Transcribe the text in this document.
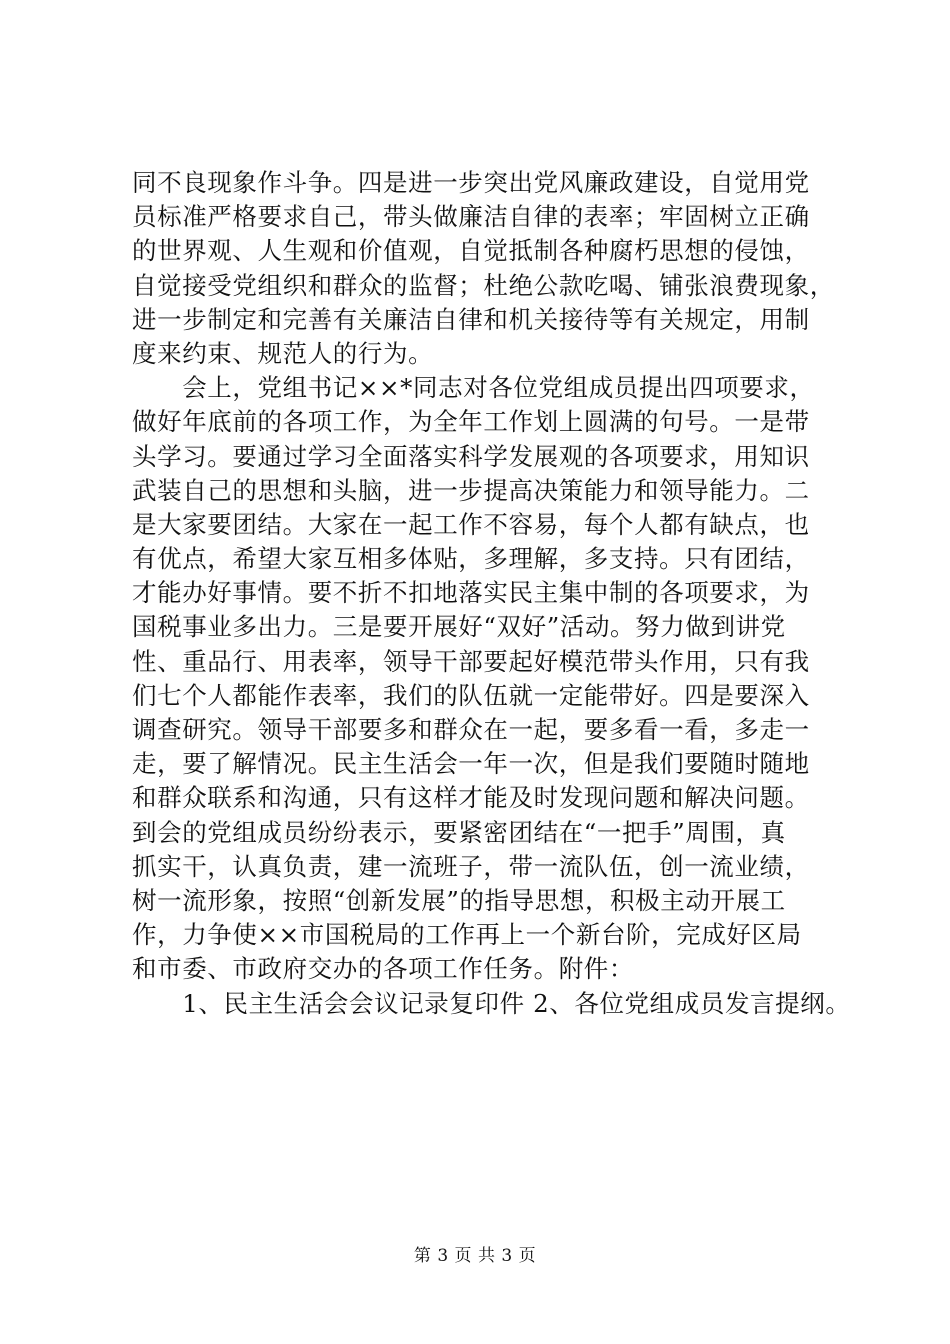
同不良现象作斗争。四是进一步突出党风廉政建设，自觉用党
员标准严格要求自己，带头做廉洁自律的表率；牢固树立正确
的世界观、人生观和价值观，自觉抵制各种腐朽思想的侵蚀，
自觉接受党组织和群众的监督；杜绝公款吃喝、铺张浪费现象，
进一步制定和完善有关廉洁自律和机关接待等有关规定，用制
度来约束、规范人的行为。
　　会上，党组书记××*同志对各位党组成员提出四项要求，
做好年底前的各项工作，为全年工作划上圆满的句号。一是带
头学习。要通过学习全面落实科学发展观的各项要求，用知识
武装自己的思想和头脑，进一步提高决策能力和领导能力。二
是大家要团结。大家在一起工作不容易，每个人都有缺点，也
有优点，希望大家互相多体贴，多理解，多支持。只有团结，
才能办好事情。要不折不扣地落实民主集中制的各项要求，为
国税事业多出力。三是要开展好“双好”活动。努力做到讲党
性、重品行、用表率，领导干部要起好模范带头作用，只有我
们七个人都能作表率，我们的队伍就一定能带好。四是要深入
调查研究。领导干部要多和群众在一起，要多看一看，多走一
走，要了解情况。民主生活会一年一次，但是我们要随时随地
和群众联系和沟通，只有这样才能及时发现问题和解决问题。
到会的党组成员纷纷表示，要紧密团结在“一把手”周围，真
抓实干，认真负责，建一流班子，带一流队伍，创一流业绩，
树一流形象，按照“创新发展”的指导思想，积极主动开展工
作，力争使××市国税局的工作再上一个新台阶，完成好区局
和市委、市政府交办的各项工作任务。附件：
　　1、民主生活会会议记录复印件 2、各位党组成员发言提纲。
第 3 页 共 3 页
